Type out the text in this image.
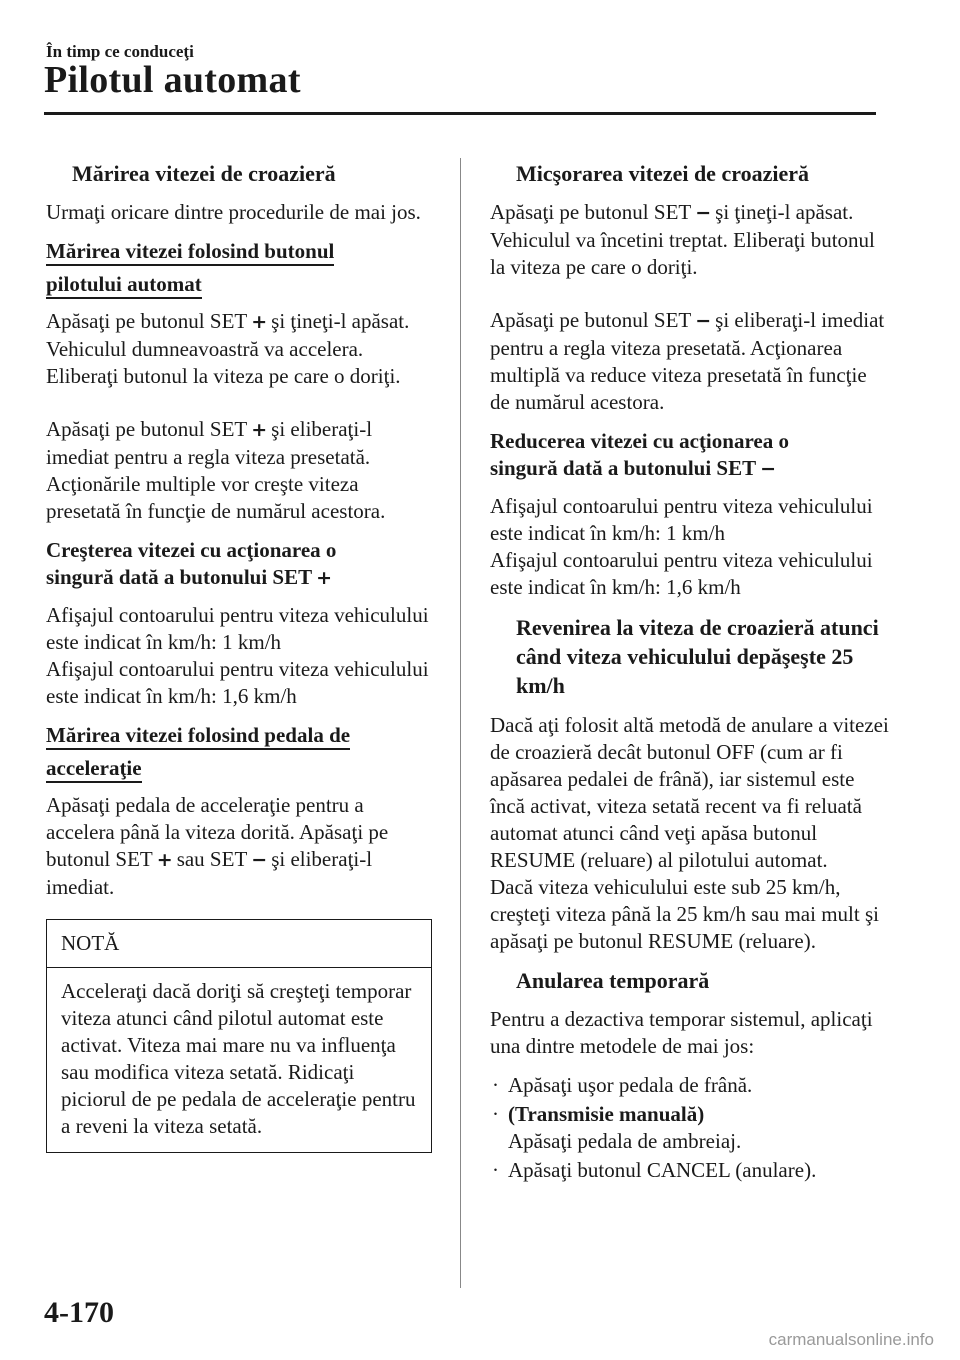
În timp ce conduceţi
Pilotul automat
Mărirea vitezei de croazieră
Urmaţi oricare dintre procedurile de mai jos.
Mărirea vitezei folosind butonul
pilotului automat
Apăsaţi pe butonul SET + şi ţineţi-l apăsat. Vehiculul dumneavoastră va accelera. Eliberaţi butonul la viteza pe care o doriţi.
Apăsaţi pe butonul SET + şi eliberaţi-l imediat pentru a regla viteza presetată. Acţionările multiple vor creşte viteza presetată în funcţie de numărul acestora.
Creşterea vitezei cu acţionarea o
singură dată a butonului SET +
Afişajul contoarului pentru viteza vehiculului este indicat în km/h: 1 km/h
Afişajul contoarului pentru viteza vehiculului este indicat în km/h: 1,6 km/h
Mărirea vitezei folosind pedala de
acceleraţie
Apăsaţi pedala de acceleraţie pentru a accelera până la viteza dorită. Apăsaţi pe butonul SET + sau SET − şi eliberaţi-l imediat.
NOTĂ
Acceleraţi dacă doriţi să creşteţi temporar viteza atunci când pilotul automat este activat. Viteza mai mare nu va influenţa sau modifica viteza setată. Ridicaţi piciorul de pe pedala de acceleraţie pentru a reveni la viteza setată.
Micşorarea vitezei de croazieră
Apăsaţi pe butonul SET − şi ţineţi-l apăsat. Vehiculul va încetini treptat. Eliberaţi butonul la viteza pe care o doriţi.
Apăsaţi pe butonul SET − şi eliberaţi-l imediat pentru a regla viteza presetată. Acţionarea multiplă va reduce viteza presetată în funcţie de numărul acestora.
Reducerea vitezei cu acţionarea o
singură dată a butonului SET −
Afişajul contoarului pentru viteza vehiculului este indicat în km/h: 1 km/h
Afişajul contoarului pentru viteza vehiculului este indicat în km/h: 1,6 km/h
Revenirea la viteza de croazieră atunci când viteza vehiculului depăşeşte 25 km/h
Dacă aţi folosit altă metodă de anulare a vitezei de croazieră decât butonul OFF (cum ar fi apăsarea pedalei de frână), iar sistemul este încă activat, viteza setată recent va fi reluată automat atunci când veţi apăsa butonul RESUME (reluare) al pilotului automat.
Dacă viteza vehiculului este sub 25 km/h, creşteţi viteza până la 25 km/h sau mai mult şi apăsaţi pe butonul RESUME (reluare).
Anularea temporară
Pentru a dezactiva temporar sistemul, aplicaţi una dintre metodele de mai jos:
· Apăsaţi uşor pedala de frână.
· (Transmisie manuală)
Apăsaţi pedala de ambreiaj.
· Apăsaţi butonul CANCEL (anulare).
4-170
carmanualsonline.info
